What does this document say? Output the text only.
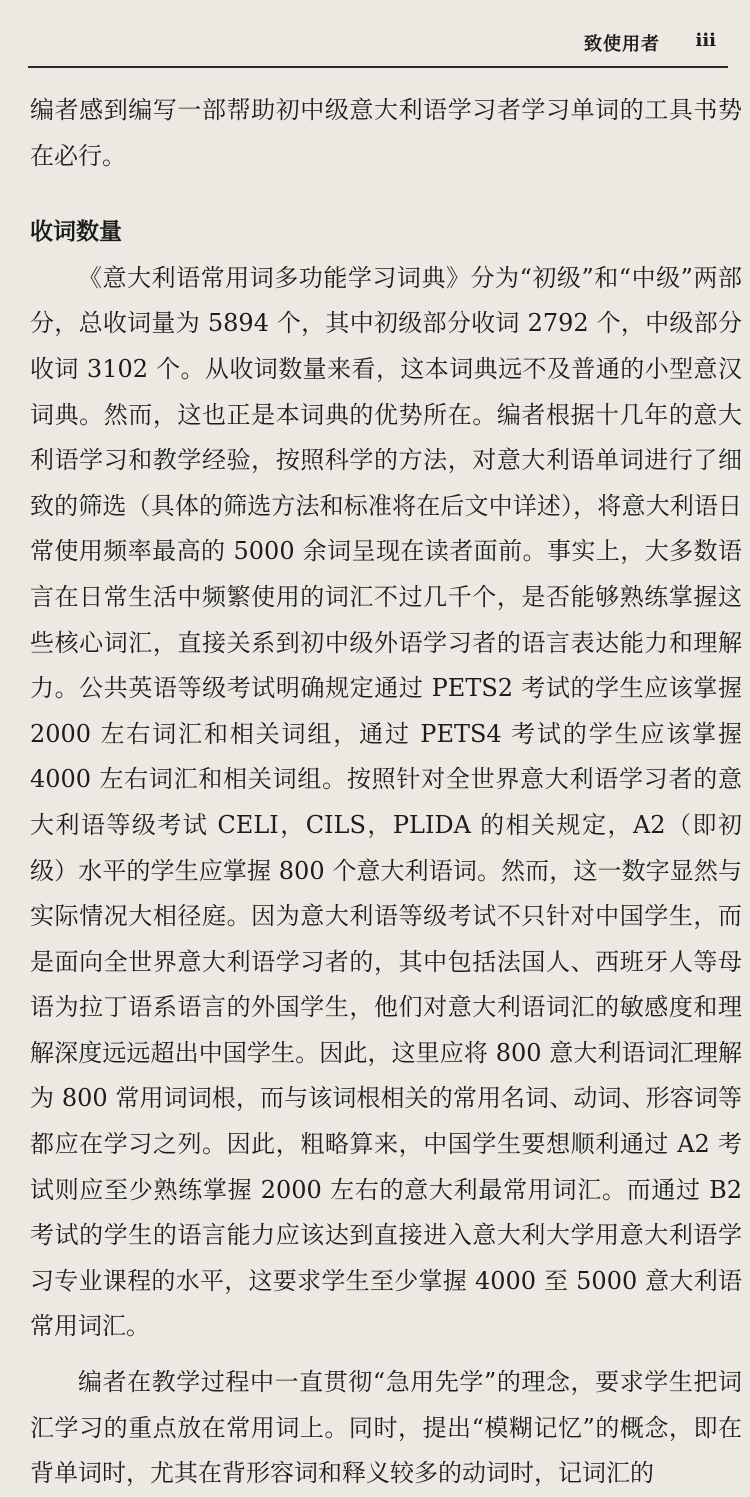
致使用者 iii

编者感到编写一部帮助初中级意大利语学习者学习单词的工具书势在必行。

收词数量

《意大利语常用词多功能学习词典》分为“初级”和“中级”两部分，总收词量为 5894 个，其中初级部分收词 2792 个，中级部分收词 3102 个。从收词数量来看，这本词典远不及普通的小型意汉词典。然而，这也正是本词典的优势所在。编者根据十几年的意大利语学习和教学经验，按照科学的方法，对意大利语单词进行了细致的筛选（具体的筛选方法和标准将在后文中详述），将意大利语日常使用频率最高的 5000 余词呈现在读者面前。事实上，大多数语言在日常生活中频繁使用的词汇不过几千个，是否能够熟练掌握这些核心词汇，直接关系到初中级外语学习者的语言表达能力和理解力。公共英语等级考试明确规定通过 PETS2 考试的学生应该掌握 2000 左右词汇和相关词组，通过 PETS4 考试的学生应该掌握 4000 左右词汇和相关词组。按照针对全世界意大利语学习者的意大利语等级考试 CELI，CILS，PLIDA 的相关规定，A2（即初级）水平的学生应掌握 800 个意大利语词。然而，这一数字显然与实际情况大相径庭。因为意大利语等级考试不只针对中国学生，而是面向全世界意大利语学习者的，其中包括法国人、西班牙人等母语为拉丁语系语言的外国学生，他们对意大利语词汇的敏感度和理解深度远远超出中国学生。因此，这里应将 800 意大利语词汇理解为 800 常用词词根，而与该词根相关的常用名词、动词、形容词等都应在学习之列。因此，粗略算来，中国学生要想顺利通过 A2 考试则应至少熟练掌握 2000 左右的意大利最常用词汇。而通过 B2 考试的学生的语言能力应该达到直接进入意大利大学用意大利语学习专业课程的水平，这要求学生至少掌握 4000 至 5000 意大利语常用词汇。

编者在教学过程中一直贯彻“急用先学”的理念，要求学生把词汇学习的重点放在常用词上。同时，提出“模糊记忆”的概念，即在背单词时，尤其在背形容词和释义较多的动词时，记词汇的
